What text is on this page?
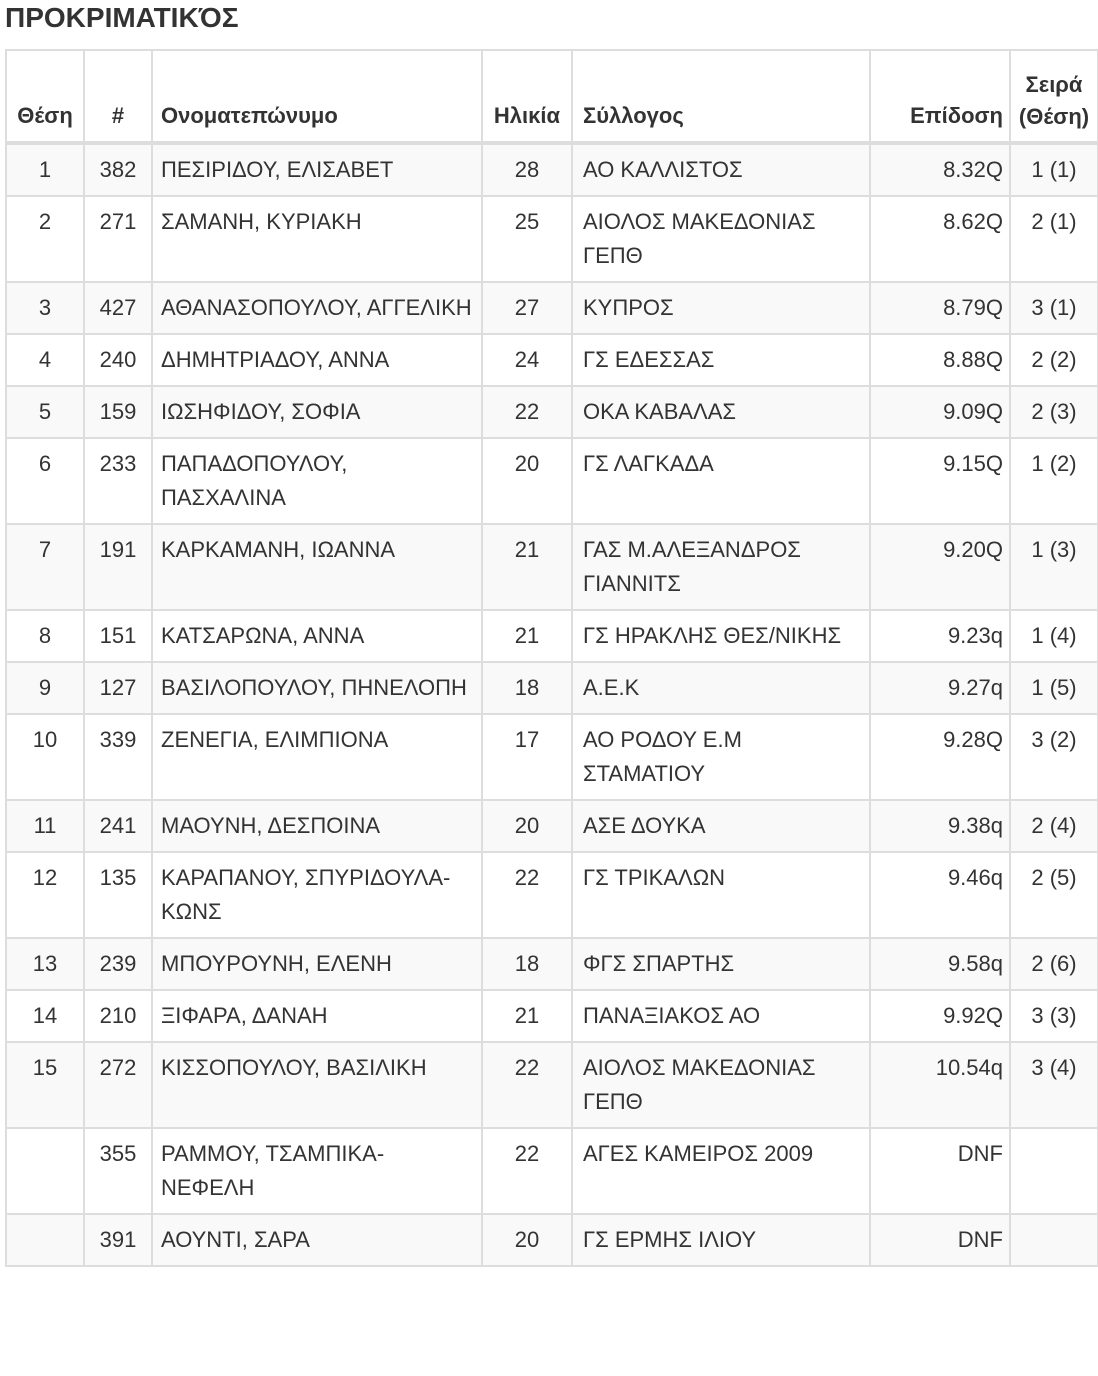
ΠΡΟΚΡΙΜΑΤΙΚΌΣ
Θέση	#	Ονοματεπώνυμο	Ηλικία	Σύλλογος	Επίδοση	Σειρά
(Θέση)
1	382	ΠΕΣΙΡΙΔΟΥ, ΕΛΙΣΑΒΕΤ	28	ΑΟ ΚΑΛΛΙΣΤΟΣ	8.32Q	1 (1)
2	271	ΣΑΜΑΝΗ, ΚΥΡΙΑΚΗ	25	ΑΙΟΛΟΣ ΜΑΚΕΔΟΝΙΑΣ ΓΕΠΘ	8.62Q	2 (1)
3	427	ΑΘΑΝΑΣΟΠΟΥΛΟΥ, ΑΓΓΕΛΙΚΗ	27	ΚΥΠΡΟΣ	8.79Q	3 (1)
4	240	ΔΗΜΗΤΡΙΑΔΟΥ, ΑΝΝΑ	24	ΓΣ ΕΔΕΣΣΑΣ	8.88Q	2 (2)
5	159	ΙΩΣΗΦΙΔΟΥ, ΣΟΦΙΑ	22	ΟΚΑ ΚΑΒΑΛΑΣ	9.09Q	2 (3)
6	233	ΠΑΠΑΔΟΠΟΥΛΟΥ, ΠΑΣΧΑΛΙΝΑ	20	ΓΣ ΛΑΓΚΑΔΑ	9.15Q	1 (2)
7	191	ΚΑΡΚΑΜΑΝΗ, ΙΩΑΝΝΑ	21	ΓΑΣ Μ.ΑΛΕΞΑΝΔΡΟΣ ΓΙΑΝΝΙΤΣ	9.20Q	1 (3)
8	151	ΚΑΤΣΑΡΩΝΑ, ΑΝΝΑ	21	ΓΣ ΗΡΑΚΛΗΣ ΘΕΣ/ΝΙΚΗΣ	9.23q	1 (4)
9	127	ΒΑΣΙΛΟΠΟΥΛΟΥ, ΠΗΝΕΛΟΠΗ	18	Α.Ε.Κ	9.27q	1 (5)
10	339	ΖΕΝΕΓΙΑ, ΕΛΙΜΠΙΟΝΑ	17	ΑΟ ΡΟΔΟΥ Ε.Μ ΣΤΑΜΑΤΙΟΥ	9.28Q	3 (2)
11	241	ΜΑΟΥΝΗ, ΔΕΣΠΟΙΝΑ	20	ΑΣΕ ΔΟΥΚΑ	9.38q	2 (4)
12	135	ΚΑΡΑΠΑΝΟΥ, ΣΠΥΡΙΔΟΥΛΑ-ΚΩΝΣ	22	ΓΣ ΤΡΙΚΑΛΩΝ	9.46q	2 (5)
13	239	ΜΠΟΥΡΟΥΝΗ, ΕΛΕΝΗ	18	ΦΓΣ ΣΠΑΡΤΗΣ	9.58q	2 (6)
14	210	ΞΙΦΑΡΑ, ΔΑΝΑΗ	21	ΠΑΝΑΞΙΑΚΟΣ ΑΟ	9.92Q	3 (3)
15	272	ΚΙΣΣΟΠΟΥΛΟΥ, ΒΑΣΙΛΙΚΗ	22	ΑΙΟΛΟΣ ΜΑΚΕΔΟΝΙΑΣ ΓΕΠΘ	10.54q	3 (4)
	355	ΡΑΜΜΟΥ, ΤΣΑΜΠΙΚΑ-ΝΕΦΕΛΗ	22	ΑΓΕΣ ΚΑΜΕΙΡΟΣ 2009	DNF	
	391	ΑΟΥΝΤΙ, ΣΑΡΑ	20	ΓΣ ΕΡΜΗΣ ΙΛΙΟΥ	DNF	
